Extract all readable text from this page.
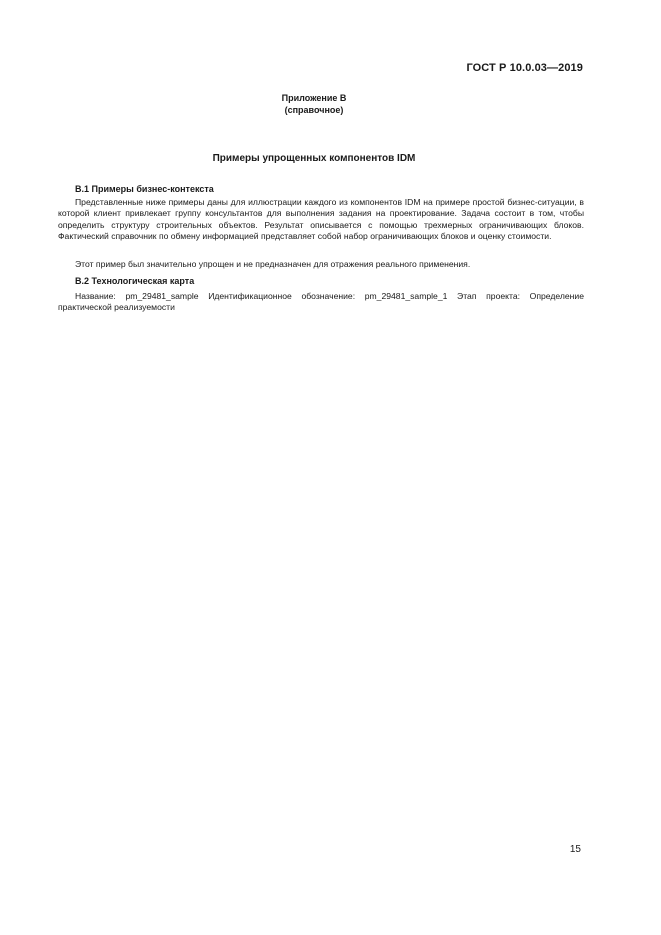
ГОСТ Р 10.0.03—2019
Приложение В
(справочное)
Примеры упрощенных компонентов IDM
В.1 Примеры бизнес-контекста

Представленные ниже примеры даны для иллюстрации каждого из компонентов IDM на примере простой бизнес-ситуации, в которой клиент привлекает группу консультантов для выполнения задания на проектирование. Задача состоит в том, чтобы определить структуру строительных объектов. Результат описывается с помощью трехмерных ограничивающих блоков. Фактический справочник по обмену информацией представляет собой набор ограничивающих блоков и оценку стоимости.

Этот пример был значительно упрощен и не предназначен для отражения реального применения.

В.2 Технологическая карта

Название: pm_29481_sample Идентификационное обозначение: pm_29481_sample_1 Этап проекта: Определение практической реализуемости

15
